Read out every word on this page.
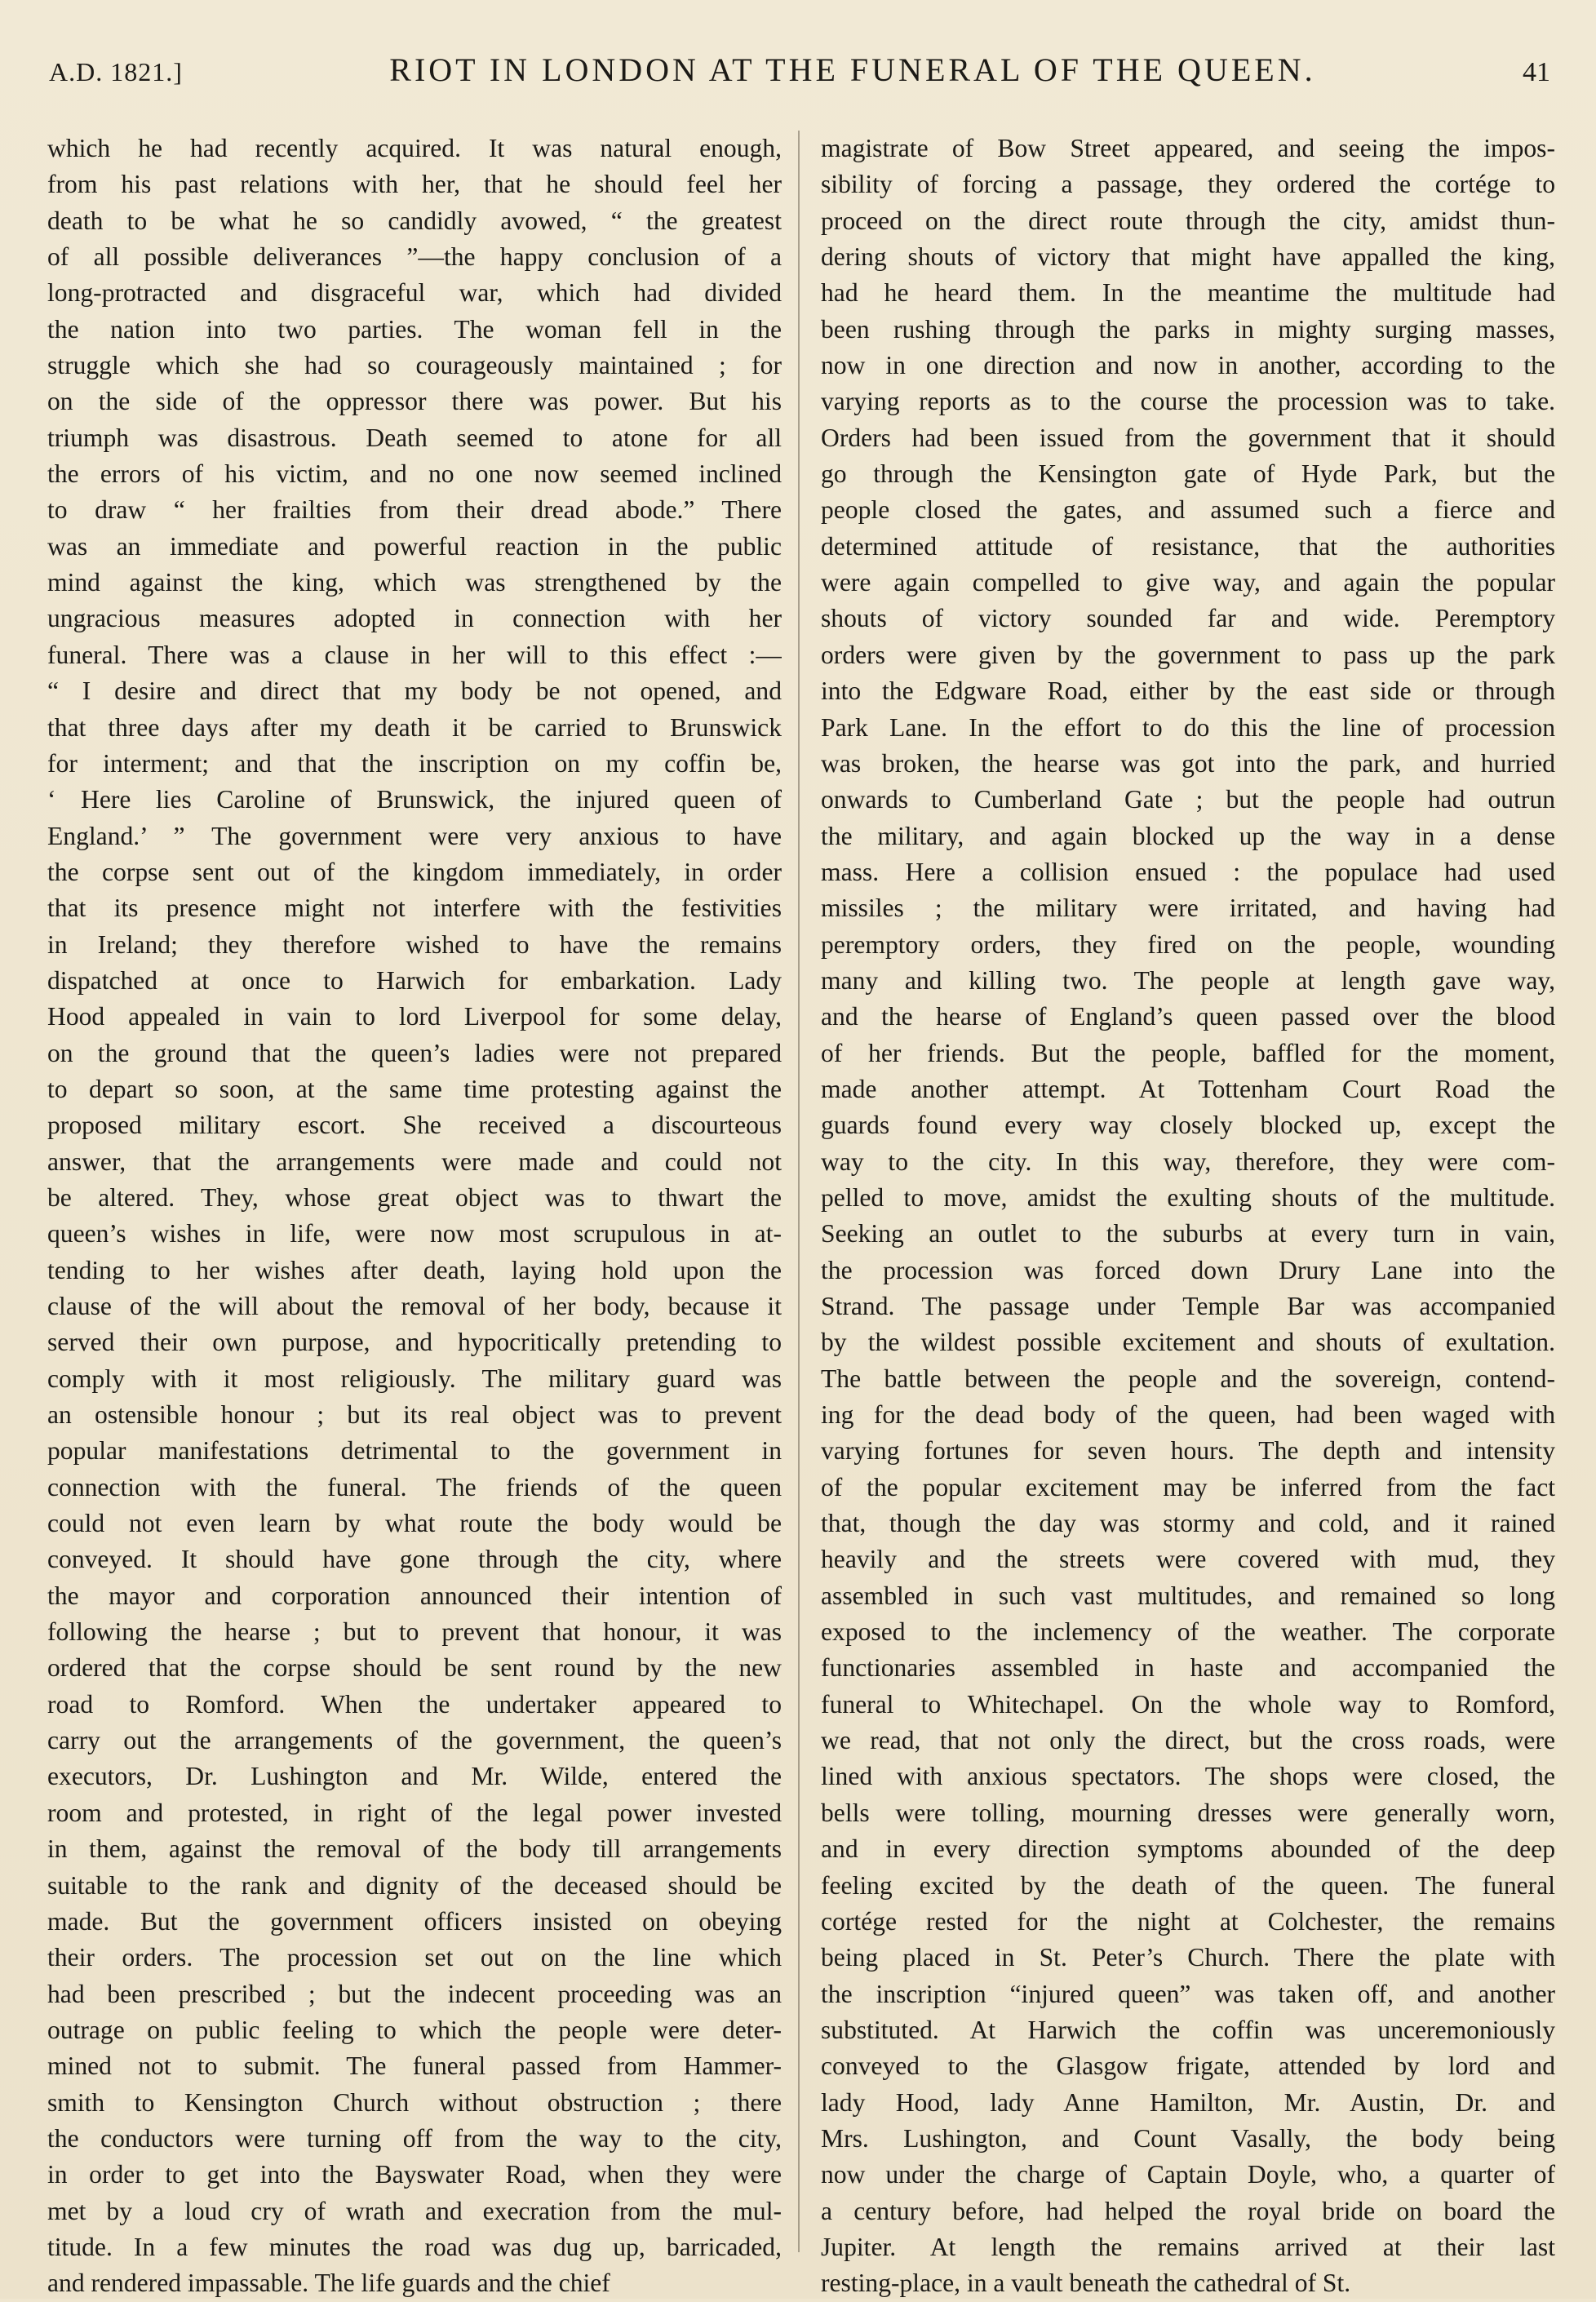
A.D. 1821.]	RIOT IN LONDON AT THE FUNERAL OF THE QUEEN.	41
which he had recently acquired. It was natural enough,
from his past relations with her, that he should feel her
death to be what he so candidly avowed, “ the greatest
of all possible deliverances ”—the happy conclusion of a
long-protracted and disgraceful war, which had divided
the nation into two parties. The woman fell in the
struggle which she had so courageously maintained ; for
on the side of the oppressor there was power. But his
triumph was disastrous. Death seemed to atone for all
the errors of his victim, and no one now seemed inclined
to draw “ her frailties from their dread abode.” There
was an immediate and powerful reaction in the public
mind against the king, which was strengthened by the
ungracious measures adopted in connection with her
funeral. There was a clause in her will to this effect :—
“ I desire and direct that my body be not opened, and
that three days after my death it be carried to Brunswick
for interment; and that the inscription on my coffin be,
‘ Here lies Caroline of Brunswick, the injured queen of
England.’ ” The government were very anxious to have
the corpse sent out of the kingdom immediately, in order
that its presence might not interfere with the festivities
in Ireland; they therefore wished to have the remains
dispatched at once to Harwich for embarkation. Lady
Hood appealed in vain to lord Liverpool for some delay,
on the ground that the queen’s ladies were not prepared
to depart so soon, at the same time protesting against the
proposed military escort. She received a discourteous
answer, that the arrangements were made and could not
be altered. They, whose great object was to thwart the
queen’s wishes in life, were now most scrupulous in at-
tending to her wishes after death, laying hold upon the
clause of the will about the removal of her body, because it
served their own purpose, and hypocritically pretending to
comply with it most religiously. The military guard was
an ostensible honour ; but its real object was to prevent
popular manifestations detrimental to the government in
connection with the funeral. The friends of the queen
could not even learn by what route the body would be
conveyed. It should have gone through the city, where
the mayor and corporation announced their intention of
following the hearse ; but to prevent that honour, it was
ordered that the corpse should be sent round by the new
road to Romford. When the undertaker appeared to
carry out the arrangements of the government, the queen’s
executors, Dr. Lushington and Mr. Wilde, entered the
room and protested, in right of the legal power invested
in them, against the removal of the body till arrangements
suitable to the rank and dignity of the deceased should be
made. But the government officers insisted on obeying
their orders. The procession set out on the line which
had been prescribed ; but the indecent proceeding was an
outrage on public feeling to which the people were deter-
mined not to submit. The funeral passed from Hammer-
smith to Kensington Church without obstruction ; there
the conductors were turning off from the way to the city,
in order to get into the Bayswater Road, when they were
met by a loud cry of wrath and execration from the mul-
titude. In a few minutes the road was dug up, barricaded,
and rendered impassable. The life guards and the chief
magistrate of Bow Street appeared, and seeing the impos-
sibility of forcing a passage, they ordered the cortége to
proceed on the direct route through the city, amidst thun-
dering shouts of victory that might have appalled the king,
had he heard them. In the meantime the multitude had
been rushing through the parks in mighty surging masses,
now in one direction and now in another, according to the
varying reports as to the course the procession was to take.
Orders had been issued from the government that it should
go through the Kensington gate of Hyde Park, but the
people closed the gates, and assumed such a fierce and
determined attitude of resistance, that the authorities
were again compelled to give way, and again the popular
shouts of victory sounded far and wide. Peremptory
orders were given by the government to pass up the park
into the Edgware Road, either by the east side or through
Park Lane. In the effort to do this the line of procession
was broken, the hearse was got into the park, and hurried
onwards to Cumberland Gate ; but the people had outrun
the military, and again blocked up the way in a dense
mass. Here a collision ensued : the populace had used
missiles ; the military were irritated, and having had
peremptory orders, they fired on the people, wounding
many and killing two. The people at length gave way,
and the hearse of England’s queen passed over the blood
of her friends. But the people, baffled for the moment,
made another attempt. At Tottenham Court Road the
guards found every way closely blocked up, except the
way to the city. In this way, therefore, they were com-
pelled to move, amidst the exulting shouts of the multitude.
Seeking an outlet to the suburbs at every turn in vain,
the procession was forced down Drury Lane into the
Strand. The passage under Temple Bar was accompanied
by the wildest possible excitement and shouts of exultation.
The battle between the people and the sovereign, contend-
ing for the dead body of the queen, had been waged with
varying fortunes for seven hours. The depth and intensity
of the popular excitement may be inferred from the fact
that, though the day was stormy and cold, and it rained
heavily and the streets were covered with mud, they
assembled in such vast multitudes, and remained so long
exposed to the inclemency of the weather. The corporate
functionaries assembled in haste and accompanied the
funeral to Whitechapel. On the whole way to Romford,
we read, that not only the direct, but the cross roads, were
lined with anxious spectators. The shops were closed, the
bells were tolling, mourning dresses were generally worn,
and in every direction symptoms abounded of the deep
feeling excited by the death of the queen. The funeral
cortége rested for the night at Colchester, the remains
being placed in St. Peter’s Church. There the plate with
the inscription “injured queen” was taken off, and another
substituted. At Harwich the coffin was unceremoniously
conveyed to the Glasgow frigate, attended by lord and
lady Hood, lady Anne Hamilton, Mr. Austin, Dr. and
Mrs. Lushington, and Count Vasally, the body being
now under the charge of Captain Doyle, who, a quarter of
a century before, had helped the royal bride on board the
Jupiter. At length the remains arrived at their last
resting-place, in a vault beneath the cathedral of St.
